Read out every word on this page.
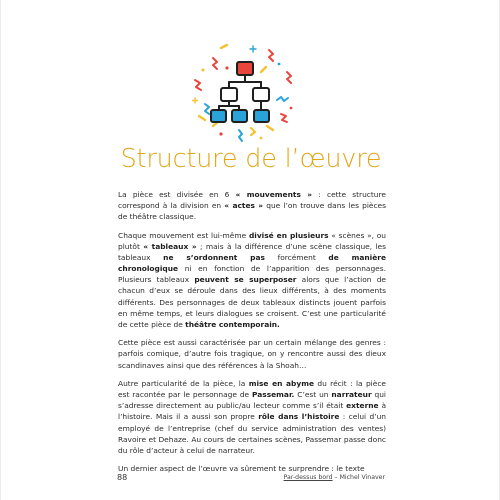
Structure de l’œuvre

La pièce est divisée en 6 « mouvements » : cette structure correspond à la division en « actes » que l’on trouve dans les pièces de théâtre classique.

Chaque mouvement est lui-même divisé en plusieurs « scènes », ou plutôt « tableaux » ; mais à la différence d’une scène classique, les tableaux ne s’ordonnent pas forcément de manière chronologique ni en fonction de l’apparition des personnages. Plusieurs tableaux peuvent se superposer alors que l’action de chacun d’eux se déroule dans des lieux différents, à des moments différents. Des personnages de deux tableaux distincts jouent parfois en même temps, et leurs dialogues se croisent. C’est une particularité de cette pièce de théâtre contemporain.

Cette pièce est aussi caractérisée par un certain mélange des genres : parfois comique, d’autre fois tragique, on y rencontre aussi des dieux scandinaves ainsi que des références à la Shoah…

Autre particularité de la pièce, la mise en abyme du récit : la pièce est racontée par le personnage de Passemar. C’est un narrateur qui s’adresse directement au public/au lecteur comme s’il était externe à l’histoire. Mais il a aussi son propre rôle dans l’histoire : celui d’un employé de l’entreprise (chef du service administration des ventes) Ravoire et Dehaze. Au cours de certaines scènes, Passemar passe donc du rôle d’acteur à celui de narrateur.

Un dernier aspect de l’œuvre va sûrement te surprendre : le texte

88	Par-dessus bord – Michel Vinaver
